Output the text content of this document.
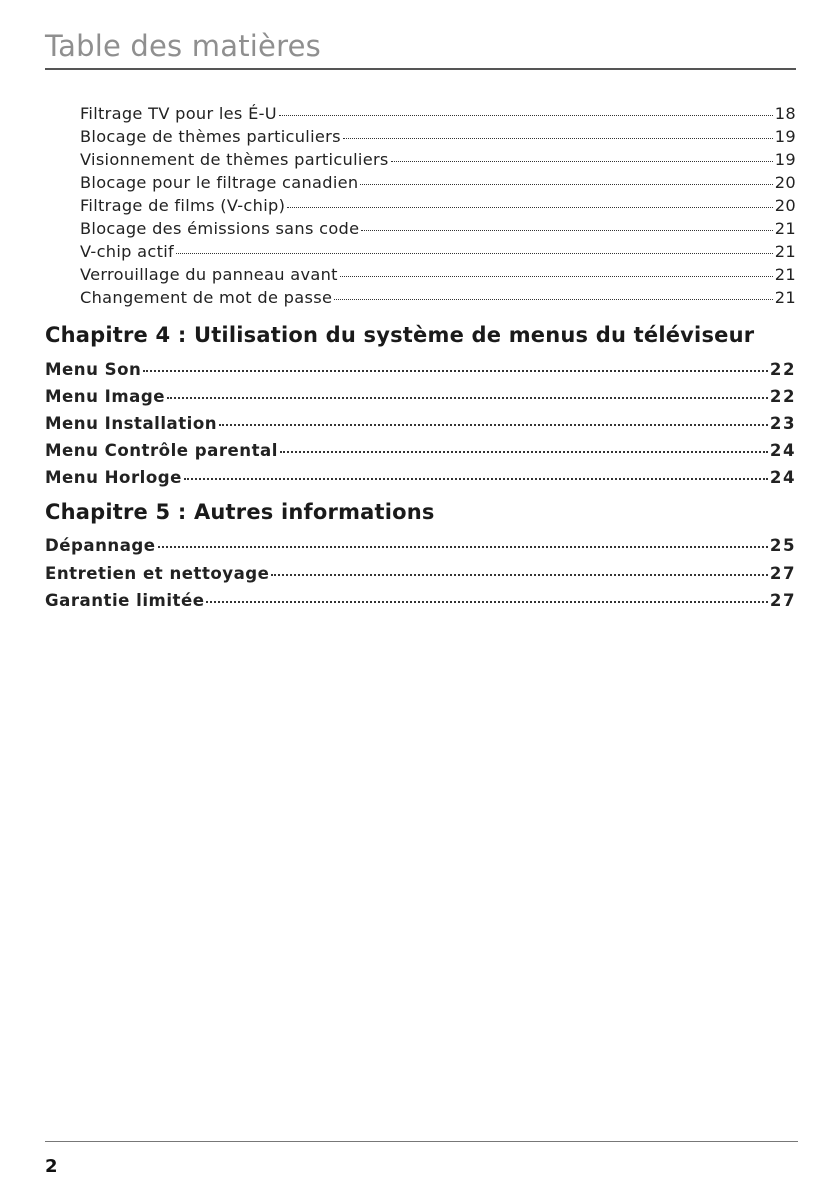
Table des matières
Filtrage TV pour les É-U	18
Blocage de thèmes particuliers	19
Visionnement de thèmes particuliers	19
Blocage pour le filtrage canadien	20
Filtrage de films (V-chip)	20
Blocage des émissions sans code	21
V-chip actif	21
Verrouillage du panneau avant	21
Changement de mot de passe	21
Chapitre 4 : Utilisation du système de menus du téléviseur
Menu Son	22
Menu Image	22
Menu Installation	23
Menu Contrôle parental	24
Menu Horloge	24
Chapitre 5 : Autres informations
Dépannage	25
Entretien et nettoyage	27
Garantie limitée	27
2
